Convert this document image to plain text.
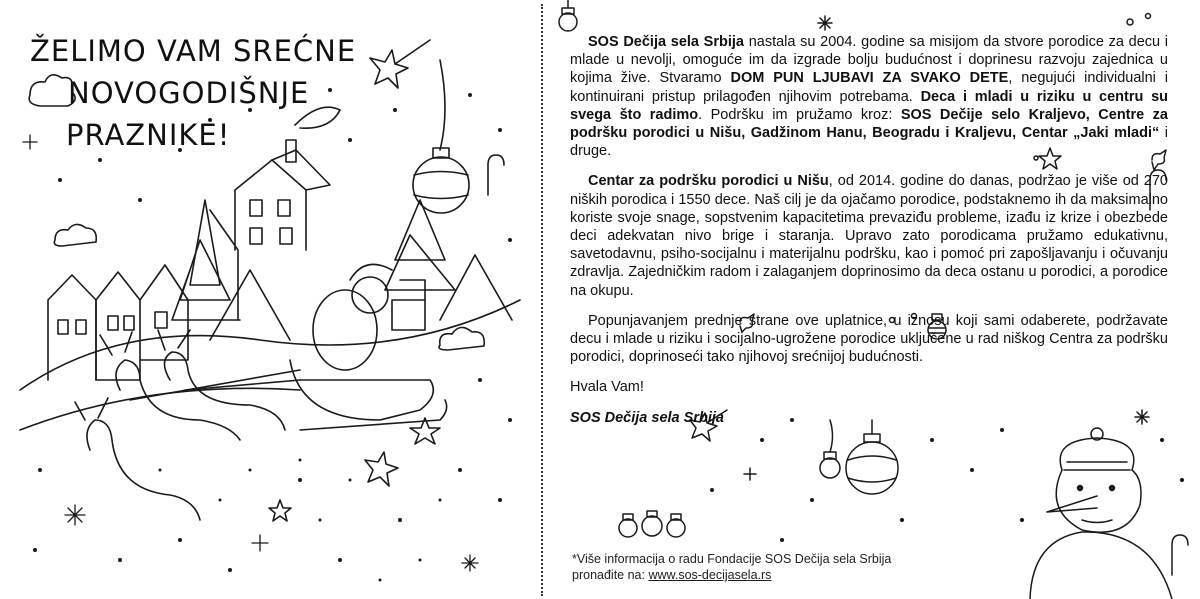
ŽELIMO VAM SREĆNE
NOVOGODIŠNJE
PRAZNIKE!

SOS Dečija sela Srbija nastala su 2004. godine sa misijom da stvore porodice za decu i mlade u nevolji, omoguće im da izgrade bolju budućnost i doprinesu razvoju zajednica u kojima žive. Stvaramo DOM PUN LJUBAVI ZA SVAKO DETE, negujući individualni i kontinuirani pristup prilagođen njihovim potrebama. Deca i mladi u riziku u centru su svega što radimo. Podršku im pružamo kroz: SOS Dečije selo Kraljevo, Centre za podršku porodici u Nišu, Gadžinom Hanu, Beogradu i Kraljevu, Centar „Jaki mladi“ i druge.

Centar za podršku porodici u Nišu, od 2014. godine do danas, podržao je više od 270 niških porodica i 1550 dece. Naš cilj je da ojačamo porodice, podstaknemo ih da maksimalno koriste svoje snage, sopstvenim kapacitetima prevaziđu probleme, izađu iz krize i obezbede deci adekvatan nivo brige i staranja. Upravo zato porodicama pružamo edukativnu, savetodavnu, psiho-socijalnu i materijalnu podršku, kao i pomoć pri zapošljavanju i očuvanju zdravlja. Zajedničkim radom i zalaganjem doprinosimo da deca ostanu u porodici, a porodice na okupu.

Popunjavanjem prednje strane ove uplatnice, u iznosu koji sami odaberete, podržavate decu i mlade u riziku i socijalno-ugrožene porodice uključene u rad niškog Centra za podršku porodici, doprinoseći tako njihovoj srećnijoj budućnosti.

Hvala Vam!

SOS Dečija sela Srbija

*Više informacija o radu Fondacije SOS Dečija sela Srbija
pronađite na: www.sos-decijasela.rs
